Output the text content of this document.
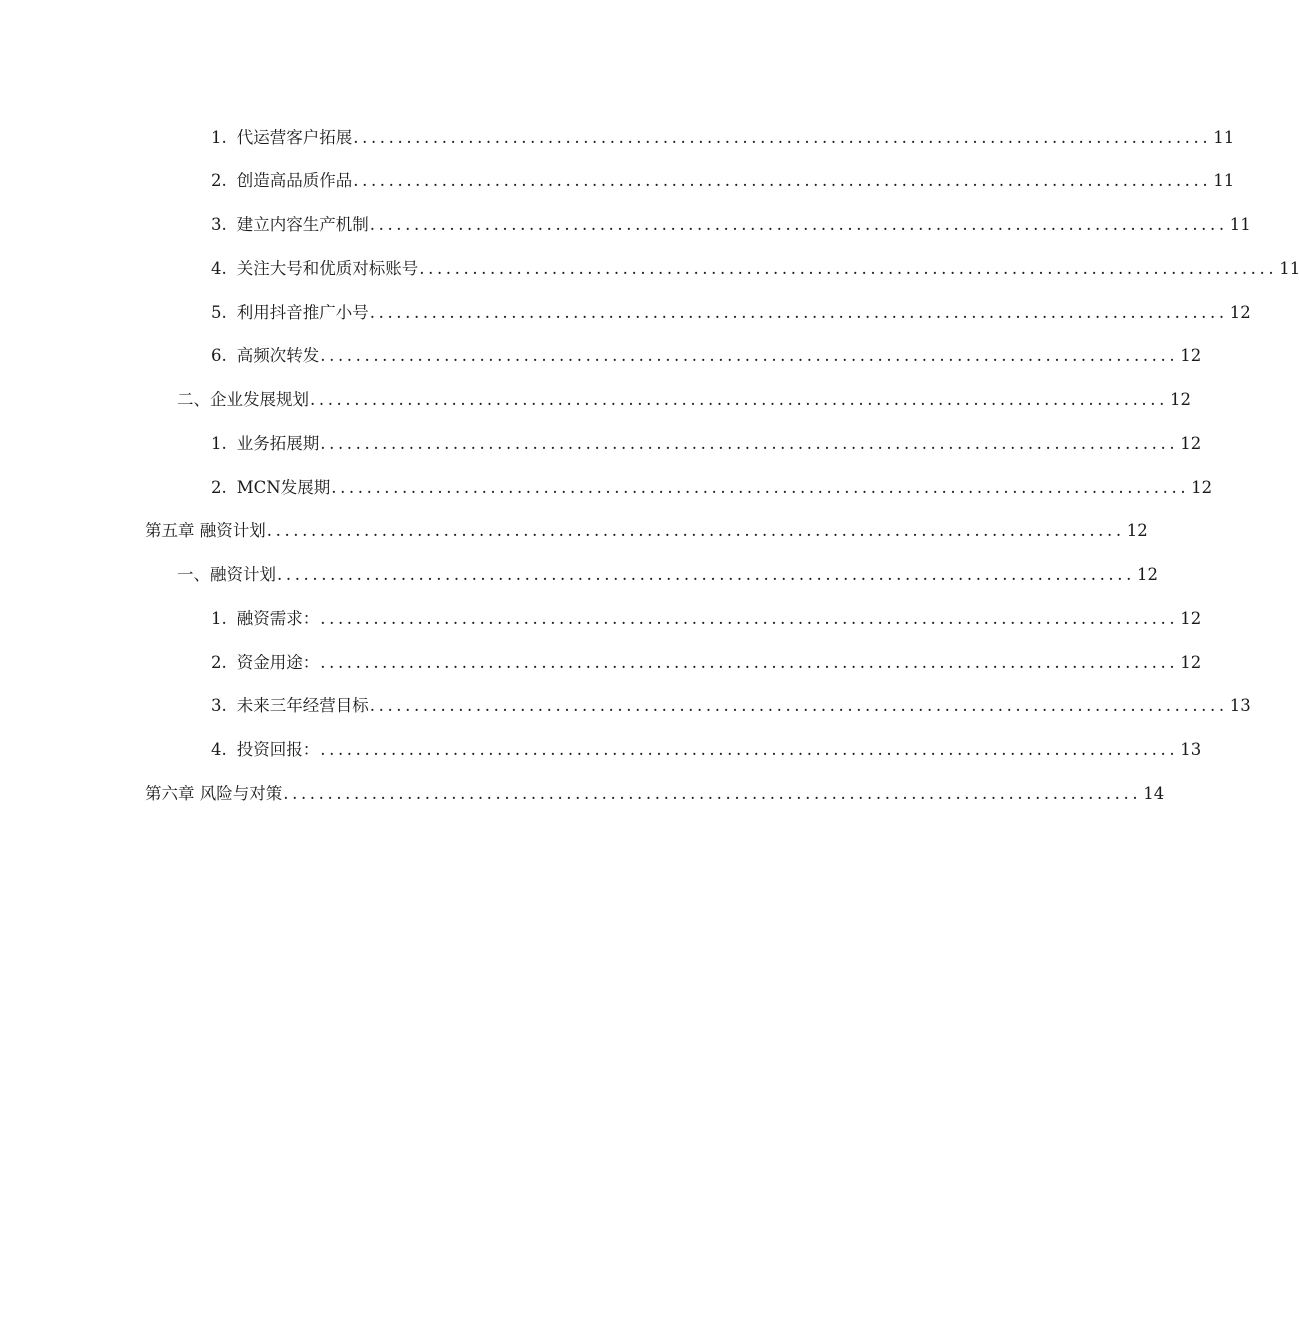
1. 代运营客户拓展 ................................................................................................. 11
2. 创造高品质作品 ................................................................................................. 11
3. 建立内容生产机制 ................................................................................................. 11
4. 关注大号和优质对标账号 ................................................................................................. 11
5. 利用抖音推广小号 ................................................................................................. 12
6. 高频次转发 ................................................................................................. 12
二、企业发展规划 ................................................................................................. 12
1. 业务拓展期 ................................................................................................. 12
2. MCN发展期 ................................................................................................. 12
第五章 融资计划 ................................................................................................. 12
一、融资计划 ................................................................................................. 12
1. 融资需求： ................................................................................................. 12
2. 资金用途： ................................................................................................. 12
3. 未来三年经营目标 ................................................................................................. 13
4. 投资回报： ................................................................................................. 13
第六章 风险与对策 ................................................................................................. 14
